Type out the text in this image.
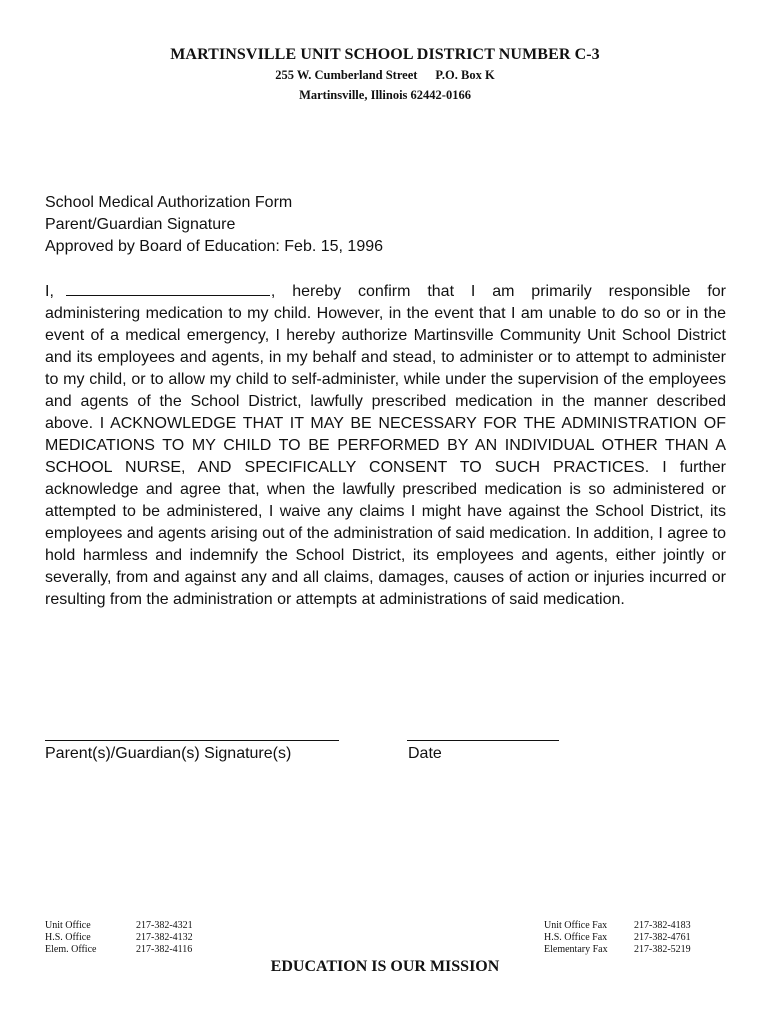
MARTINSVILLE UNIT SCHOOL DISTRICT NUMBER C-3
255 W. Cumberland Street P.O. Box K
Martinsville, Illinois 62442-0166
School Medical Authorization Form
Parent/Guardian Signature
Approved by Board of Education: Feb. 15, 1996
I,	, hereby confirm that I am primarily responsible for administering medication to my child. However, in the event that I am unable to do so or in the event of a medical emergency, I hereby authorize Martinsville Community Unit School District and its employees and agents, in my behalf and stead, to administer or to attempt to administer to my child, or to allow my child to self-administer, while under the supervision of the employees and agents of the School District, lawfully prescribed medication in the manner described above. I ACKNOWLEDGE THAT IT MAY BE NECESSARY FOR THE ADMINISTRATION OF MEDICATIONS TO MY CHILD TO BE PERFORMED BY AN INDIVIDUAL OTHER THAN A SCHOOL NURSE, AND SPECIFICALLY CONSENT TO SUCH PRACTICES. I further acknowledge and agree that, when the lawfully prescribed medication is so administered or attempted to be administered, I waive any claims I might have against the School District, its employees and agents arising out of the administration of said medication. In addition, I agree to hold harmless and indemnify the School District, its employees and agents, either jointly or severally, from and against any and all claims, damages, causes of action or injuries incurred or resulting from the administration or attempts at administrations of said medication.
Parent(s)/Guardian(s) Signature(s)	Date
Unit Office
H.S. Office
Elem. Office
217-382-4321
217-382-4132
217-382-4116
Unit Office Fax
H.S. Office Fax
Elementary Fax
217-382-4183
217-382-4761
217-382-5219
EDUCATION IS OUR MISSION
